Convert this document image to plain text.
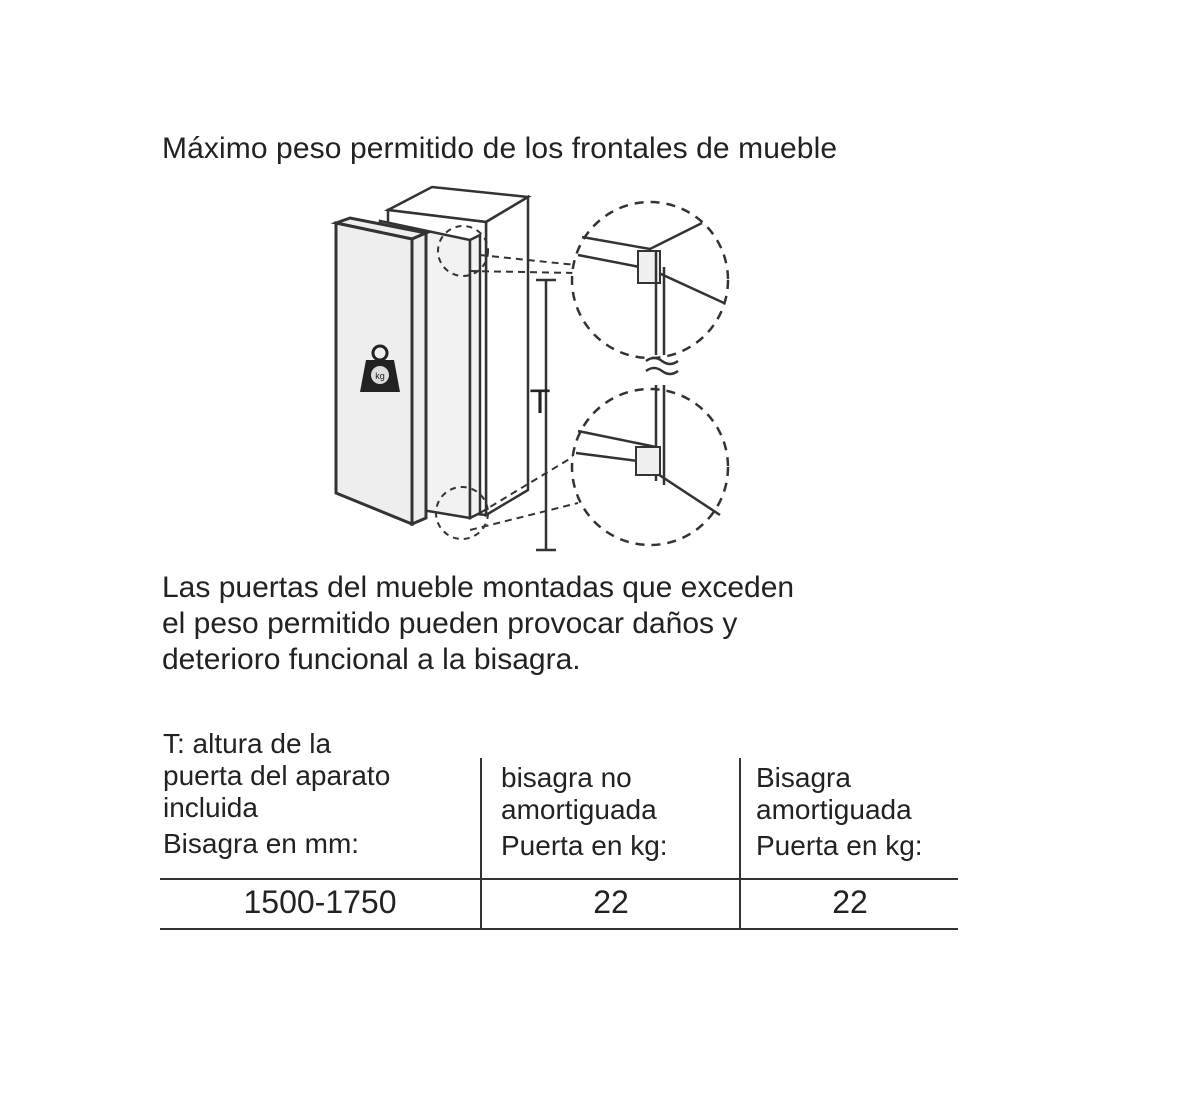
Máximo peso permitido de los frontales de mueble
kg
T
Las puertas del mueble montadas que exceden
el peso permitido pueden provocar daños y
deterioro funcional a la bisagra.
T: altura de la
puerta del aparato
incluida
Bisagra en mm:
bisagra no
amortiguada
Puerta en kg:
Bisagra
amortiguada
Puerta en kg:
1500-1750	22	22
